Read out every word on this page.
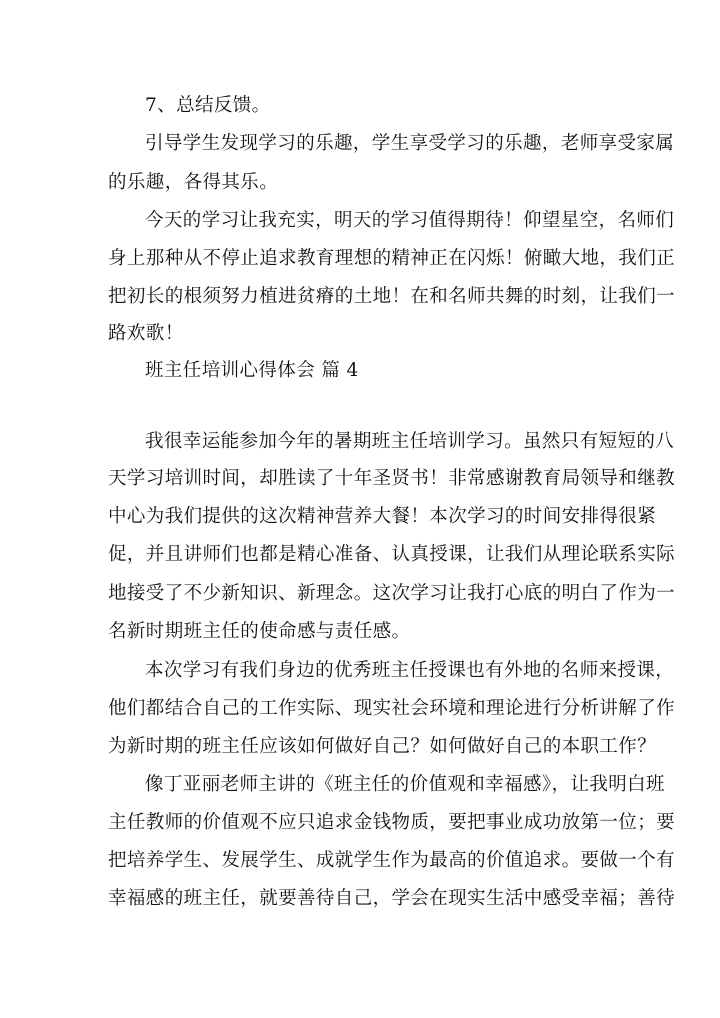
7、总结反馈。
引导学生发现学习的乐趣，学生享受学习的乐趣，老师享受家属
的乐趣，各得其乐。
今天的学习让我充实，明天的学习值得期待！仰望星空，名师们
身上那种从不停止追求教育理想的精神正在闪烁！俯瞰大地，我们正
把初长的根须努力植进贫瘠的土地！在和名师共舞的时刻，让我们一
路欢歌！
班主任培训心得体会 篇 4
我很幸运能参加今年的暑期班主任培训学习。虽然只有短短的八
天学习培训时间，却胜读了十年圣贤书！非常感谢教育局领导和继教
中心为我们提供的这次精神营养大餐！本次学习的时间安排得很紧
促，并且讲师们也都是精心准备、认真授课，让我们从理论联系实际
地接受了不少新知识、新理念。这次学习让我打心底的明白了作为一
名新时期班主任的使命感与责任感。
本次学习有我们身边的优秀班主任授课也有外地的名师来授课，
他们都结合自己的工作实际、现实社会环境和理论进行分析讲解了作
为新时期的班主任应该如何做好自己？如何做好自己的本职工作？
像丁亚丽老师主讲的《班主任的价值观和幸福感》，让我明白班
主任教师的价值观不应只追求金钱物质，要把事业成功放第一位；要
把培养学生、发展学生、成就学生作为最高的价值追求。要做一个有
幸福感的班主任，就要善待自己，学会在现实生活中感受幸福；善待
